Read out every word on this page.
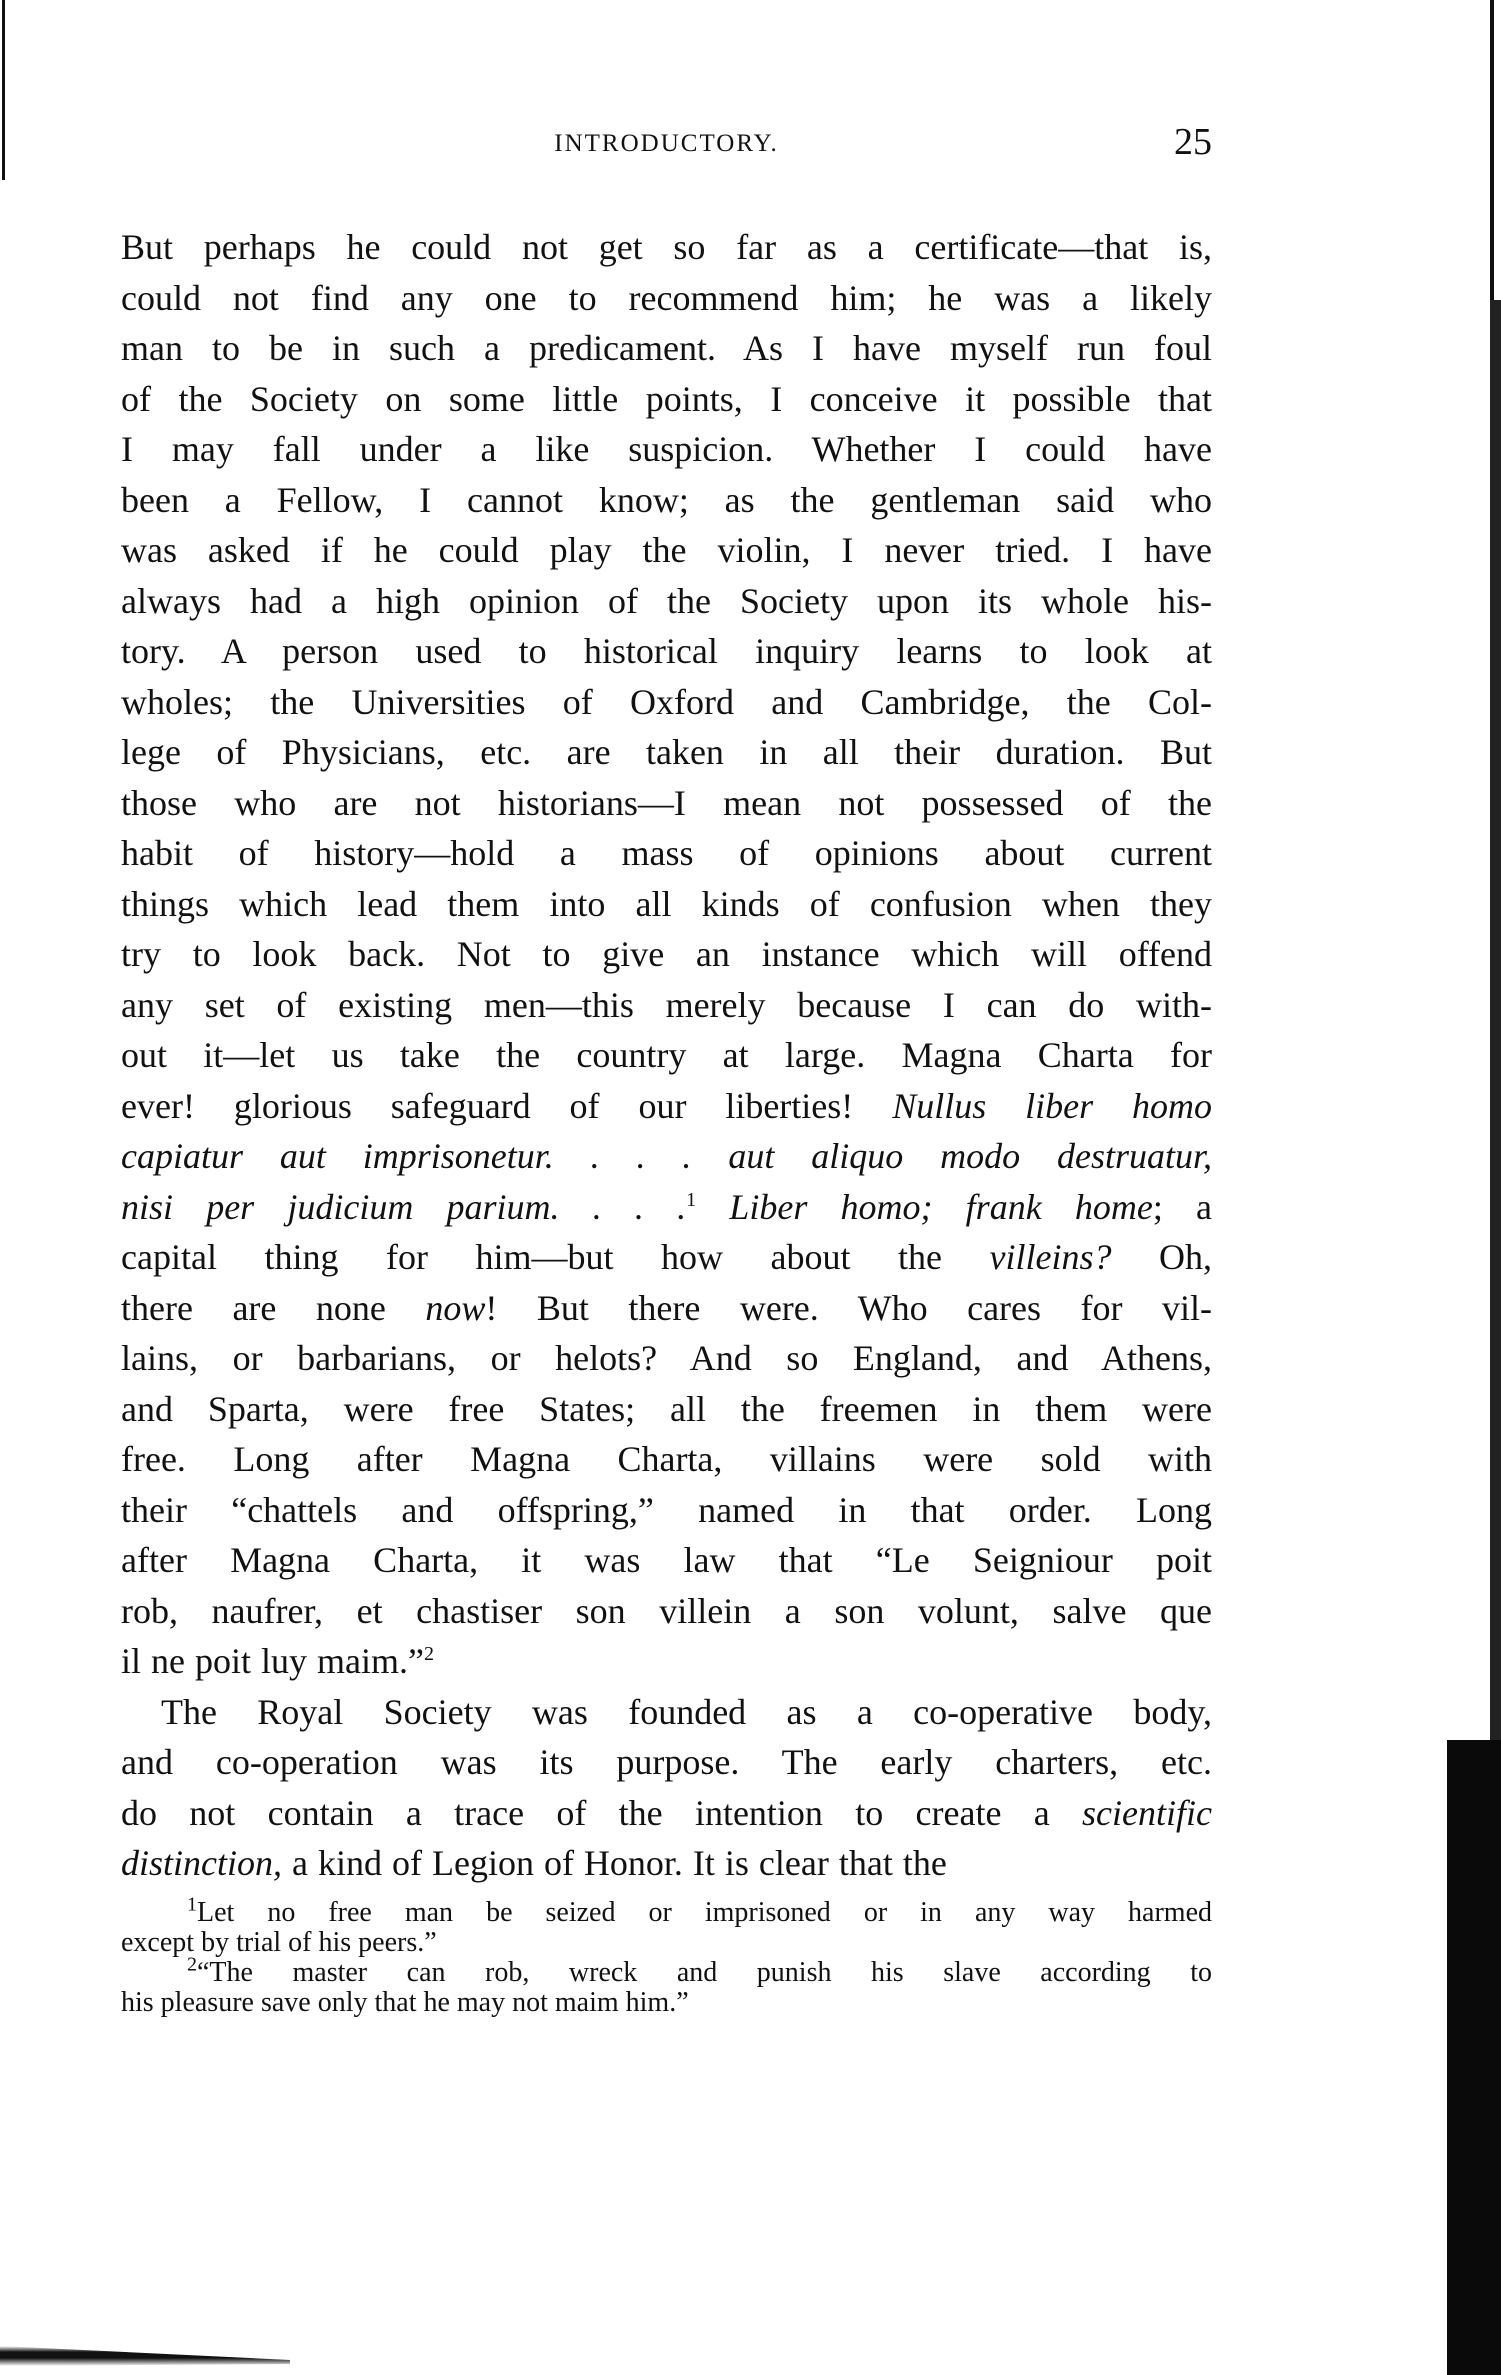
INTRODUCTORY.	25
But perhaps he could not get so far as a certificate—that is,
could not find any one to recommend him; he was a likely
man to be in such a predicament. As I have myself run foul
of the Society on some little points, I conceive it possible that
I may fall under a like suspicion. Whether I could have
been a Fellow, I cannot know; as the gentleman said who
was asked if he could play the violin, I never tried. I have
always had a high opinion of the Society upon its whole his-
tory. A person used to historical inquiry learns to look at
wholes; the Universities of Oxford and Cambridge, the Col-
lege of Physicians, etc. are taken in all their duration. But
those who are not historians—I mean not possessed of the
habit of history—hold a mass of opinions about current
things which lead them into all kinds of confusion when they
try to look back. Not to give an instance which will offend
any set of existing men—this merely because I can do with-
out it—let us take the country at large. Magna Charta for
ever! glorious safeguard of our liberties! Nullus liber homo
capiatur aut imprisonetur. . . . aut aliquo modo destruatur,
nisi per judicium parium. . . .$^1$ Liber homo; frank home; a
capital thing for him—but how about the villeins? Oh,
there are none now! But there were. Who cares for vil-
lains, or barbarians, or helots? And so England, and Athens,
and Sparta, were free States; all the freemen in them were
free. Long after Magna Charta, villains were sold with
their “chattels and offspring,” named in that order. Long
after Magna Charta, it was law that “Le Seigniour poit
rob, naufrer, et chastiser son villein a son volunt, salve que
il ne poit luy maim.”$^2$
The Royal Society was founded as a co-operative body,
and co-operation was its purpose. The early charters, etc.
do not contain a trace of the intention to create a scientific
distinction, a kind of Legion of Honor. It is clear that the
$^1$Let no free man be seized or imprisoned or in any way harmed
except by trial of his peers.”
$^2$“The master can rob, wreck and punish his slave according to
his pleasure save only that he may not maim him.”
